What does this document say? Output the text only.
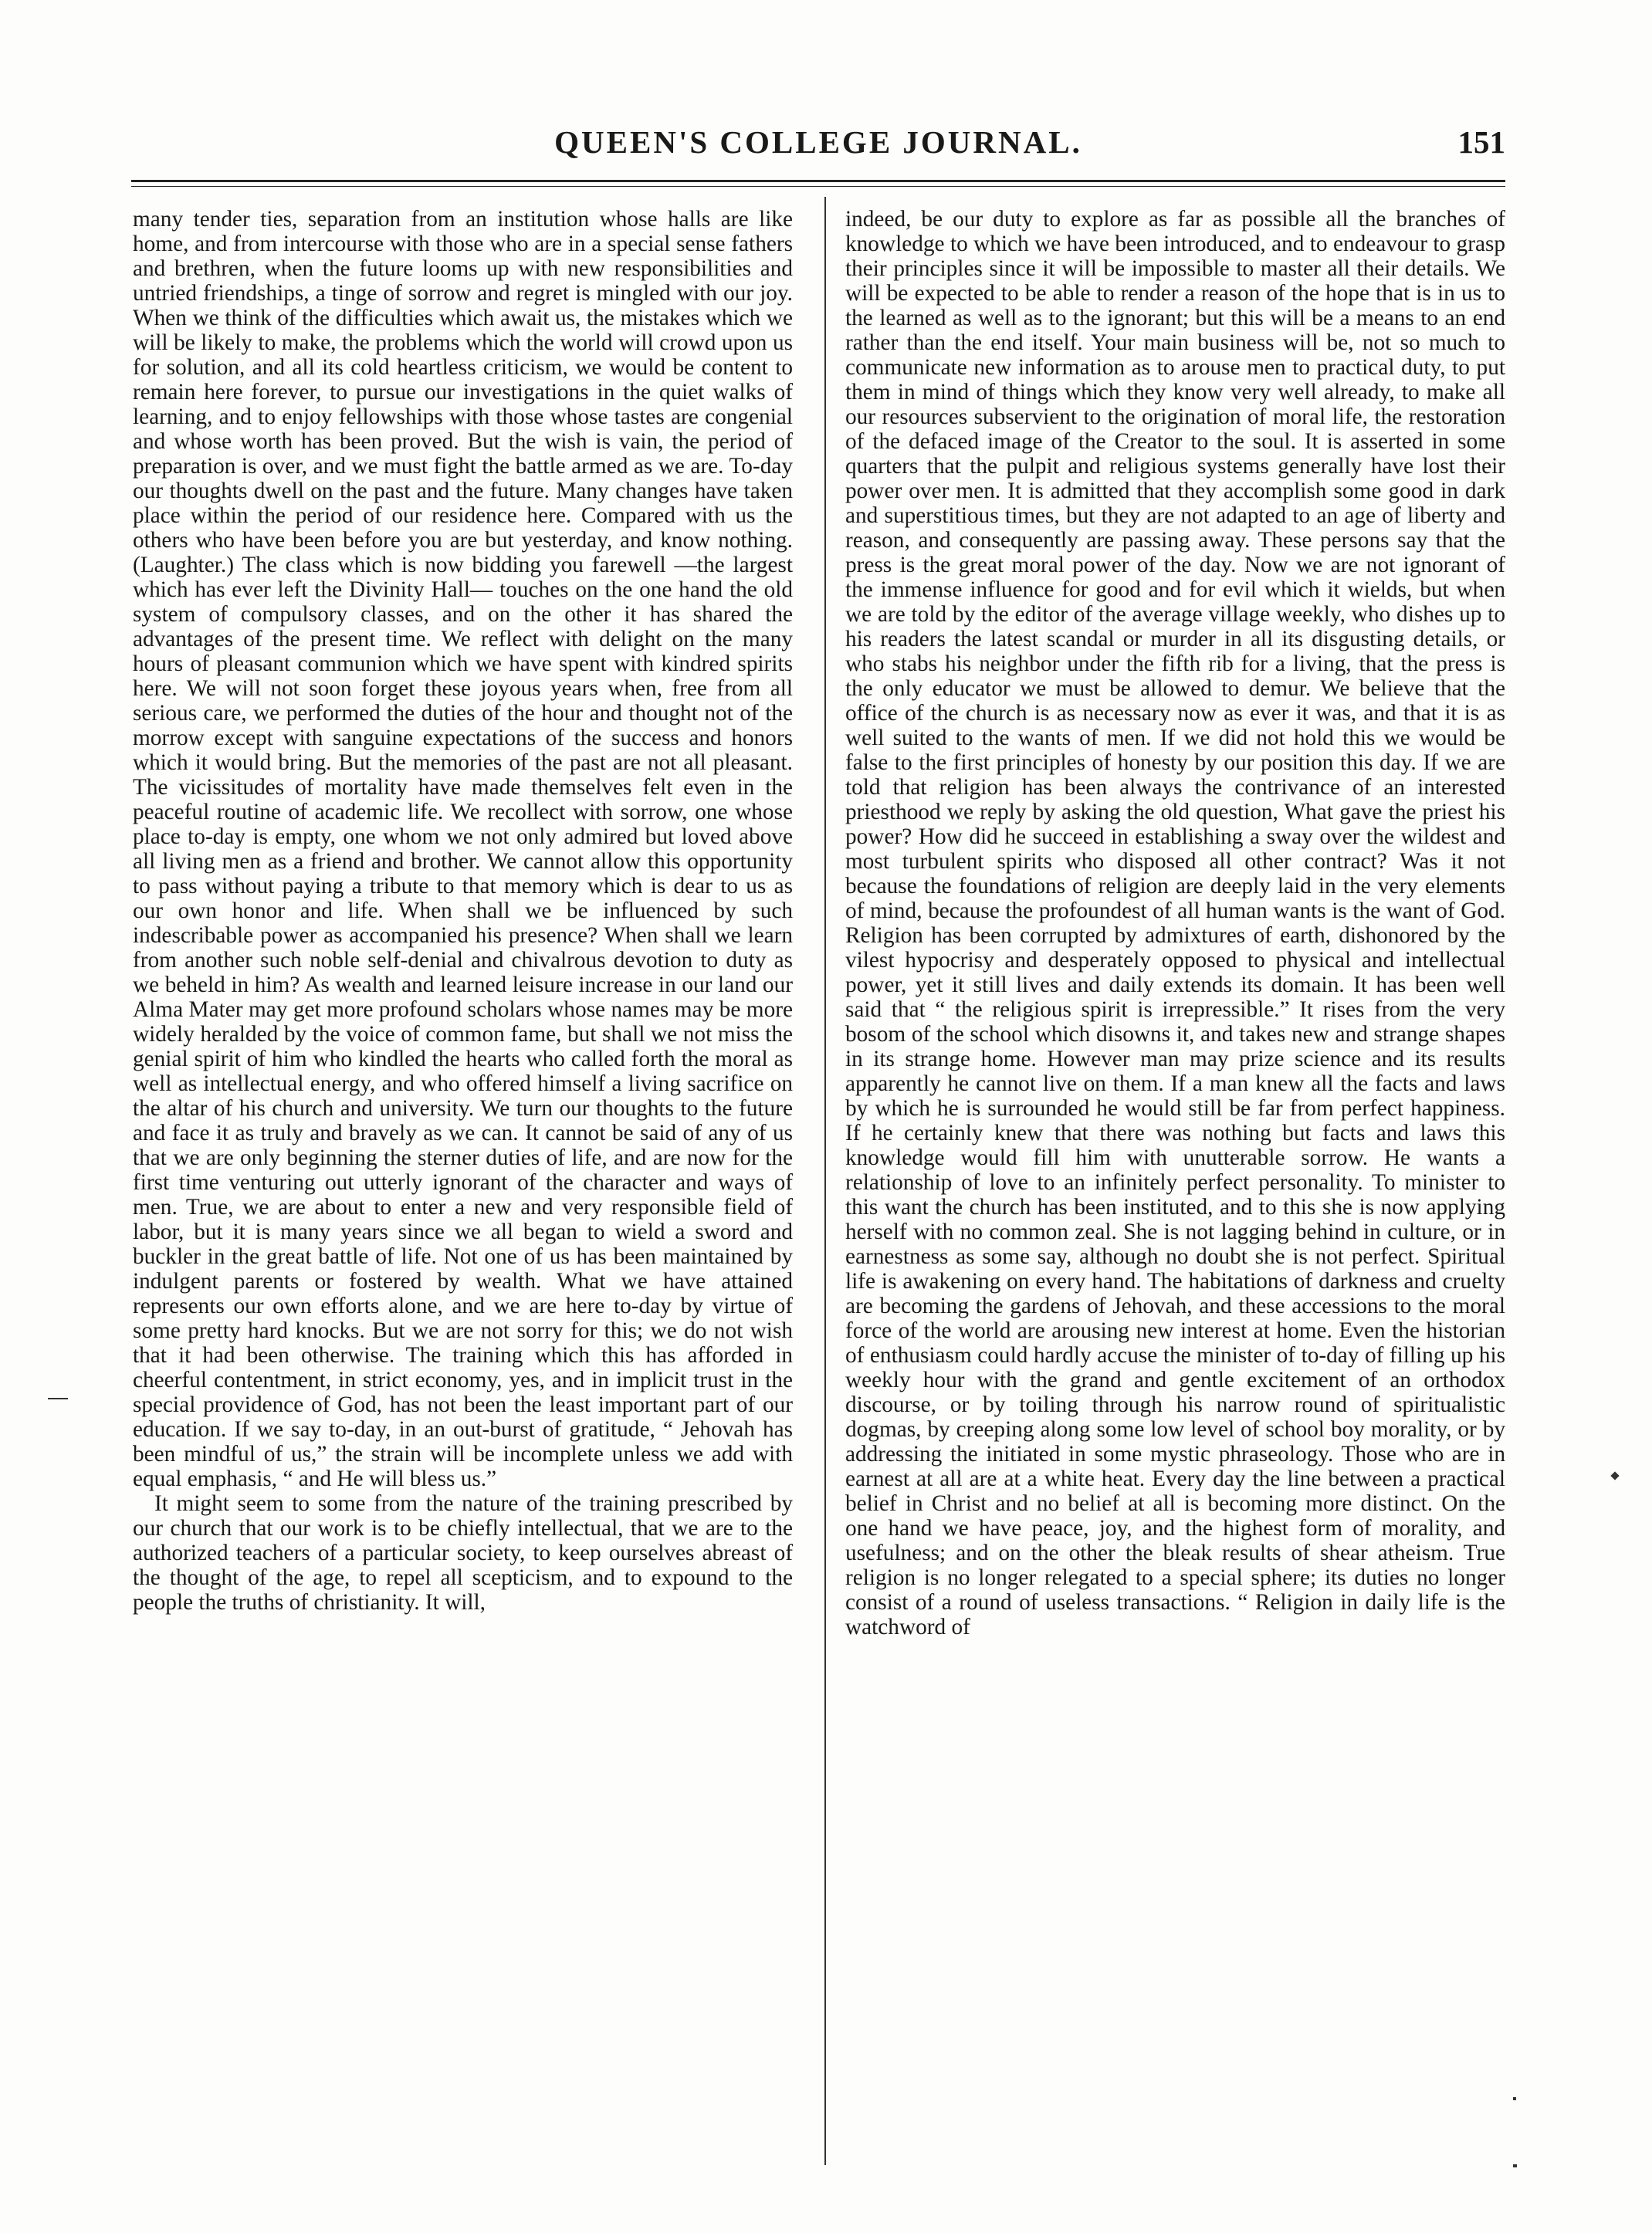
QUEEN'S COLLEGE JOURNAL.	151

many tender ties, separation from an institution whose halls are like home, and from intercourse with those who are in a special sense fathers and brethren, when the future looms up with new responsibilities and untried friendships, a tinge of sorrow and regret is mingled with our joy. When we think of the difficulties which await us, the mistakes which we will be likely to make, the problems which the world will crowd upon us for solution, and all its cold heartless criticism, we would be content to remain here forever, to pursue our investigations in the quiet walks of learning, and to enjoy fellowships with those whose tastes are congenial and whose worth has been proved. But the wish is vain, the period of preparation is over, and we must fight the battle armed as we are. To-day our thoughts dwell on the past and the future. Many changes have taken place within the period of our residence here. Compared with us the others who have been before you are but yesterday, and know nothing. (Laughter.) The class which is now bidding you farewell —the largest which has ever left the Divinity Hall— touches on the one hand the old system of compulsory classes, and on the other it has shared the advantages of the present time. We reflect with delight on the many hours of pleasant communion which we have spent with kindred spirits here. We will not soon forget these joyous years when, free from all serious care, we performed the duties of the hour and thought not of the morrow except with sanguine expectations of the success and honors which it would bring. But the memories of the past are not all pleasant. The vicissitudes of mortality have made themselves felt even in the peaceful routine of academic life. We recollect with sorrow, one whose place to-day is empty, one whom we not only admired but loved above all living men as a friend and brother. We cannot allow this opportunity to pass without paying a tribute to that memory which is dear to us as our own honor and life. When shall we be influenced by such indescribable power as accompanied his presence? When shall we learn from another such noble self-denial and chivalrous devotion to duty as we beheld in him? As wealth and learned leisure increase in our land our Alma Mater may get more profound scholars whose names may be more widely heralded by the voice of common fame, but shall we not miss the genial spirit of him who kindled the hearts who called forth the moral as well as intellectual energy, and who offered himself a living sacrifice on the altar of his church and university. We turn our thoughts to the future and face it as truly and bravely as we can. It cannot be said of any of us that we are only beginning the sterner duties of life, and are now for the first time venturing out utterly ignorant of the character and ways of men. True, we are about to enter a new and very responsible field of labor, but it is many years since we all began to wield a sword and buckler in the great battle of life. Not one of us has been maintained by indulgent parents or fostered by wealth. What we have attained represents our own efforts alone, and we are here to-day by virtue of some pretty hard knocks. But we are not sorry for this; we do not wish that it had been otherwise. The training which this has afforded in cheerful contentment, in strict economy, yes, and in implicit trust in the special providence of God, has not been the least important part of our education. If we say to-day, in an out-burst of gratitude, “ Jehovah has been mindful of us,” the strain will be incomplete unless we add with equal emphasis, “ and He will bless us.”

It might seem to some from the nature of the training prescribed by our church that our work is to be chiefly intellectual, that we are to the authorized teachers of a particular society, to keep ourselves abreast of the thought of the age, to repel all scepticism, and to expound to the people the truths of christianity. It will,

indeed, be our duty to explore as far as possible all the branches of knowledge to which we have been introduced, and to endeavour to grasp their principles since it will be impossible to master all their details. We will be expected to be able to render a reason of the hope that is in us to the learned as well as to the ignorant; but this will be a means to an end rather than the end itself. Your main business will be, not so much to communicate new information as to arouse men to practical duty, to put them in mind of things which they know very well already, to make all our resources subservient to the origination of moral life, the restoration of the defaced image of the Creator to the soul. It is asserted in some quarters that the pulpit and religious systems generally have lost their power over men. It is admitted that they accomplish some good in dark and superstitious times, but they are not adapted to an age of liberty and reason, and consequently are passing away. These persons say that the press is the great moral power of the day. Now we are not ignorant of the immense influence for good and for evil which it wields, but when we are told by the editor of the average village weekly, who dishes up to his readers the latest scandal or murder in all its disgusting details, or who stabs his neighbor under the fifth rib for a living, that the press is the only educator we must be allowed to demur. We believe that the office of the church is as necessary now as ever it was, and that it is as well suited to the wants of men. If we did not hold this we would be false to the first principles of honesty by our position this day. If we are told that religion has been always the contrivance of an interested priesthood we reply by asking the old question, What gave the priest his power? How did he succeed in establishing a sway over the wildest and most turbulent spirits who disposed all other contract? Was it not because the foundations of religion are deeply laid in the very elements of mind, because the profoundest of all human wants is the want of God. Religion has been corrupted by admixtures of earth, dishonored by the vilest hypocrisy and desperately opposed to physical and intellectual power, yet it still lives and daily extends its domain. It has been well said that “ the religious spirit is irrepressible.” It rises from the very bosom of the school which disowns it, and takes new and strange shapes in its strange home. However man may prize science and its results apparently he cannot live on them. If a man knew all the facts and laws by which he is surrounded he would still be far from perfect happiness. If he certainly knew that there was nothing but facts and laws this knowledge would fill him with unutterable sorrow. He wants a relationship of love to an infinitely perfect personality. To minister to this want the church has been instituted, and to this she is now applying herself with no common zeal. She is not lagging behind in culture, or in earnestness as some say, although no doubt she is not perfect. Spiritual life is awakening on every hand. The habitations of darkness and cruelty are becoming the gardens of Jehovah, and these accessions to the moral force of the world are arousing new interest at home. Even the historian of enthusiasm could hardly accuse the minister of to-day of filling up his weekly hour with the grand and gentle excitement of an orthodox discourse, or by toiling through his narrow round of spiritualistic dogmas, by creeping along some low level of school boy morality, or by addressing the initiated in some mystic phraseology. Those who are in earnest at all are at a white heat. Every day the line between a practical belief in Christ and no belief at all is becoming more distinct. On the one hand we have peace, joy, and the highest form of morality, and usefulness; and on the other the bleak results of shear atheism. True religion is no longer relegated to a special sphere; its duties no longer consist of a round of useless transactions. “ Religion in daily life is the watchword of
